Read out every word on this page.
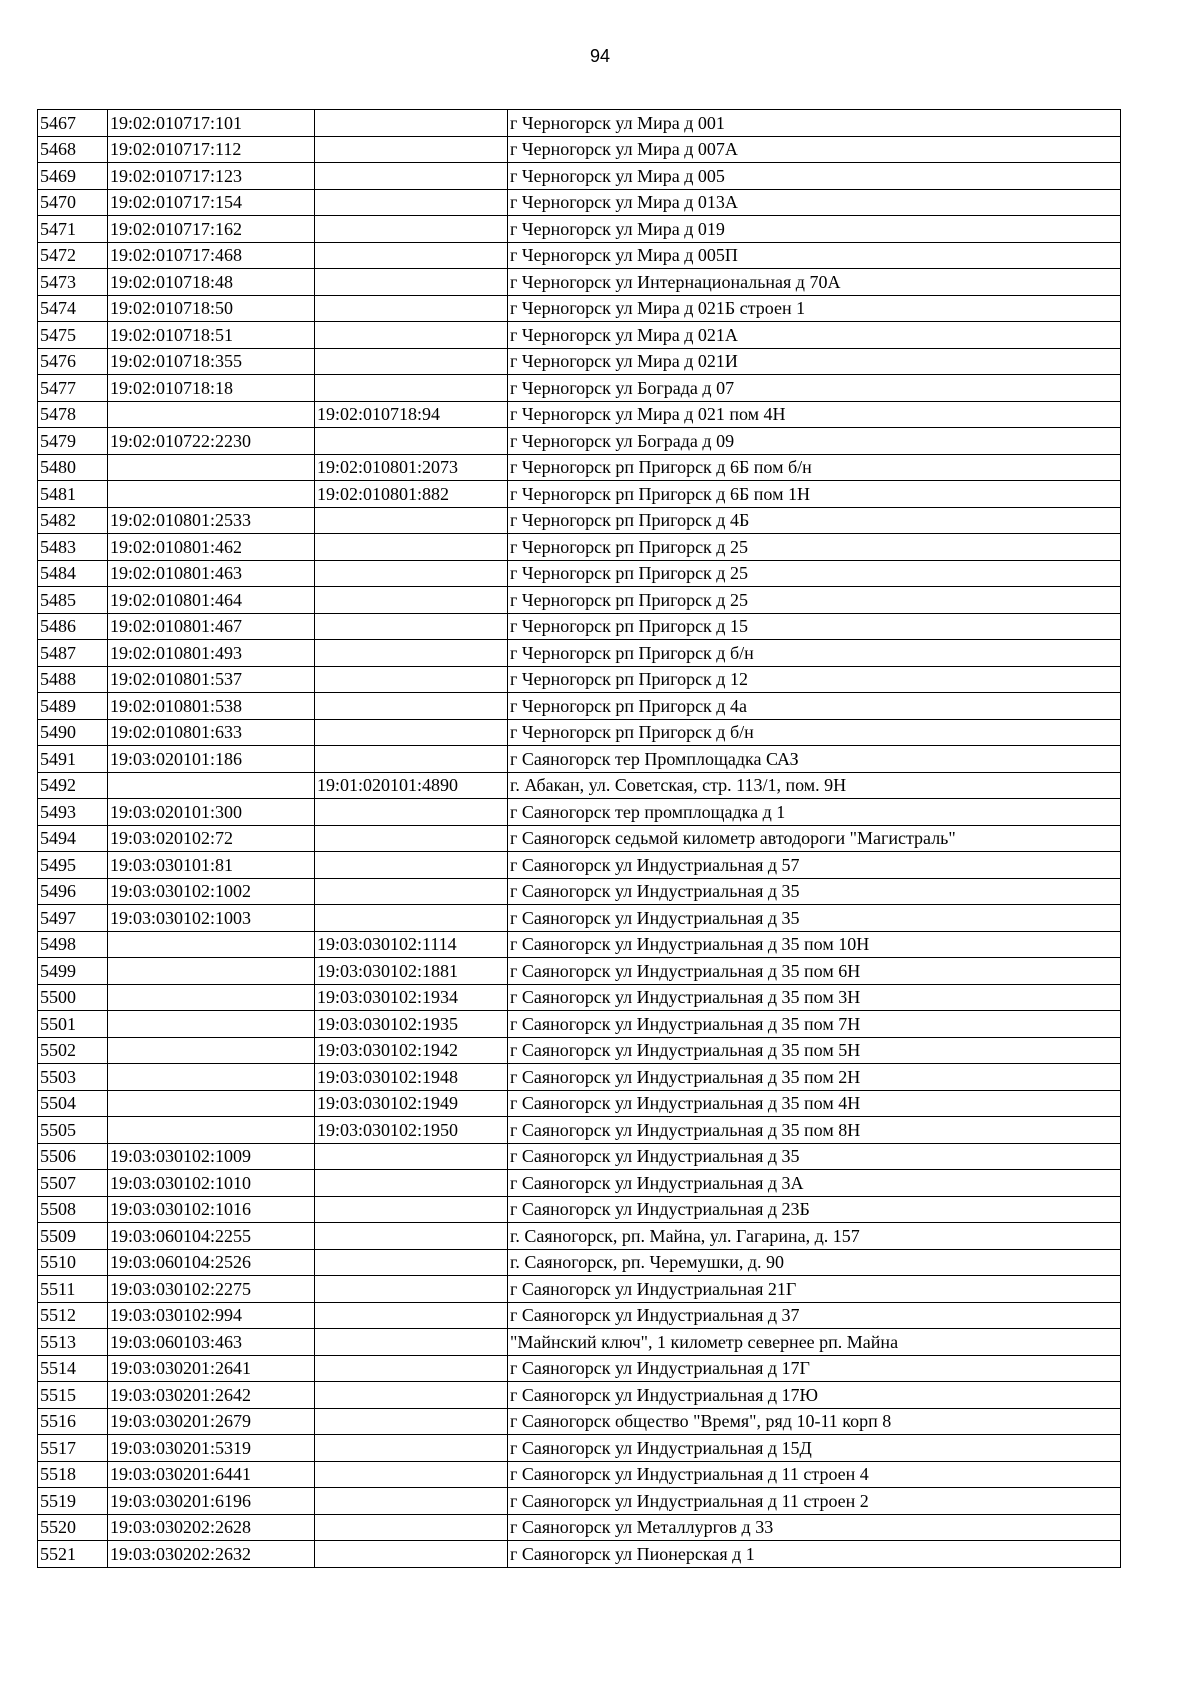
94
5467	19:02:010717:101		г Черногорск ул Мира д 001
5468	19:02:010717:112		г Черногорск ул Мира д 007А
5469	19:02:010717:123		г Черногорск ул Мира д 005
5470	19:02:010717:154		г Черногорск ул Мира д 013А
5471	19:02:010717:162		г Черногорск ул Мира д 019
5472	19:02:010717:468		г Черногорск ул Мира д 005П
5473	19:02:010718:48		г Черногорск ул Интернациональная д 70А
5474	19:02:010718:50		г Черногорск ул Мира д 021Б строен 1
5475	19:02:010718:51		г Черногорск ул Мира д 021А
5476	19:02:010718:355		г Черногорск ул Мира д 021И
5477	19:02:010718:18		г Черногорск ул Бограда д 07
5478		19:02:010718:94	г Черногорск ул Мира д 021 пом 4Н
5479	19:02:010722:2230		г Черногорск ул Бограда д 09
5480		19:02:010801:2073	г Черногорск рп Пригорск д 6Б пом б/н
5481		19:02:010801:882	г Черногорск рп Пригорск д 6Б пом 1Н
5482	19:02:010801:2533		г Черногорск рп Пригорск д 4Б
5483	19:02:010801:462		г Черногорск рп Пригорск д 25
5484	19:02:010801:463		г Черногорск рп Пригорск д 25
5485	19:02:010801:464		г Черногорск рп Пригорск д 25
5486	19:02:010801:467		г Черногорск рп Пригорск д 15
5487	19:02:010801:493		г Черногорск рп Пригорск д б/н
5488	19:02:010801:537		г Черногорск рп Пригорск д 12
5489	19:02:010801:538		г Черногорск рп Пригорск д 4а
5490	19:02:010801:633		г Черногорск рп Пригорск д б/н
5491	19:03:020101:186		г Саяногорск тер Промплощадка САЗ
5492		19:01:020101:4890	г. Абакан, ул. Советская, стр. 113/1, пом. 9Н
5493	19:03:020101:300		г Саяногорск тер промплощадка д 1
5494	19:03:020102:72		г Саяногорск седьмой километр автодороги "Магистраль"
5495	19:03:030101:81		г Саяногорск ул Индустриальная д 57
5496	19:03:030102:1002		г Саяногорск ул Индустриальная д 35
5497	19:03:030102:1003		г Саяногорск ул Индустриальная д 35
5498		19:03:030102:1114	г Саяногорск ул Индустриальная д 35 пом 10Н
5499		19:03:030102:1881	г Саяногорск ул Индустриальная д 35 пом 6Н
5500		19:03:030102:1934	г Саяногорск ул Индустриальная д 35 пом 3Н
5501		19:03:030102:1935	г Саяногорск ул Индустриальная д 35 пом 7Н
5502		19:03:030102:1942	г Саяногорск ул Индустриальная д 35 пом 5Н
5503		19:03:030102:1948	г Саяногорск ул Индустриальная д 35 пом 2Н
5504		19:03:030102:1949	г Саяногорск ул Индустриальная д 35 пом 4Н
5505		19:03:030102:1950	г Саяногорск ул Индустриальная д 35 пом 8Н
5506	19:03:030102:1009		г Саяногорск ул Индустриальная д 35
5507	19:03:030102:1010		г Саяногорск ул Индустриальная д 3А
5508	19:03:030102:1016		г Саяногорск ул Индустриальная д 23Б
5509	19:03:060104:2255		г. Саяногорск, рп. Майна, ул. Гагарина, д. 157
5510	19:03:060104:2526		г. Саяногорск, рп. Черемушки, д. 90
5511	19:03:030102:2275		г Саяногорск ул Индустриальная 21Г
5512	19:03:030102:994		г Саяногорск ул Индустриальная д 37
5513	19:03:060103:463		"Майнский ключ", 1 километр севернее рп. Майна
5514	19:03:030201:2641		г Саяногорск ул Индустриальная д 17Г
5515	19:03:030201:2642		г Саяногорск ул Индустриальная д 17Ю
5516	19:03:030201:2679		г Саяногорск общество "Время", ряд 10-11 корп 8
5517	19:03:030201:5319		г Саяногорск ул Индустриальная д 15Д
5518	19:03:030201:6441		г Саяногорск ул Индустриальная д 11 строен 4
5519	19:03:030201:6196		г Саяногорск ул Индустриальная д 11 строен 2
5520	19:03:030202:2628		г Саяногорск ул Металлургов д 33
5521	19:03:030202:2632		г Саяногорск ул Пионерская д 1
